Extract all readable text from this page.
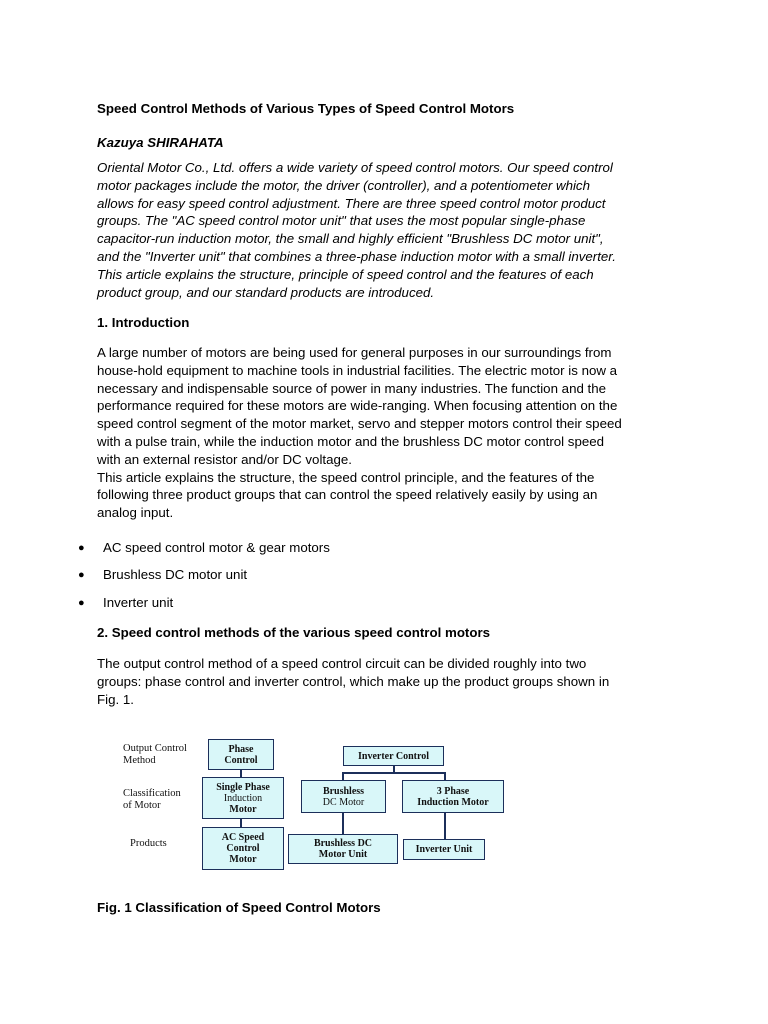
Speed Control Methods of Various Types of Speed Control Motors
Kazuya SHIRAHATA
Oriental Motor Co., Ltd. offers a wide variety of speed control motors. Our speed control
motor packages include the motor, the driver (controller), and a potentiometer which
allows for easy speed control adjustment. There are three speed control motor product
groups. The "AC speed control motor unit" that uses the most popular single-phase
capacitor-run induction motor, the small and highly efficient "Brushless DC motor unit",
and the "Inverter unit" that combines a three-phase induction motor with a small inverter.
This article explains the structure, principle of speed control and the features of each
product group, and our standard products are introduced.
1. Introduction
A large number of motors are being used for general purposes in our surroundings from
house-hold equipment to machine tools in industrial facilities. The electric motor is now a
necessary and indispensable source of power in many industries. The function and the
performance required for these motors are wide-ranging. When focusing attention on the
speed control segment of the motor market, servo and stepper motors control their speed
with a pulse train, while the induction motor and the brushless DC motor control speed
with an external resistor and/or DC voltage.
This article explains the structure, the speed control principle, and the features of the
following three product groups that can control the speed relatively easily by using an
analog input.
● AC speed control motor & gear motors
● Brushless DC motor unit
● Inverter unit
2. Speed control methods of the various speed control motors
The output control method of a speed control circuit can be divided roughly into two
groups: phase control and inverter control, which make up the product groups shown in
Fig. 1.
Output Control
Method
Classification
of Motor
Products
Phase
Control	Inverter Control
Single Phase
Induction
Motor
Brushless
DC Motor
3 Phase
Induction Motor
AC Speed
Control
Motor
Brushless DC
Motor Unit	Inverter Unit
Fig. 1 Classification of Speed Control Motors
